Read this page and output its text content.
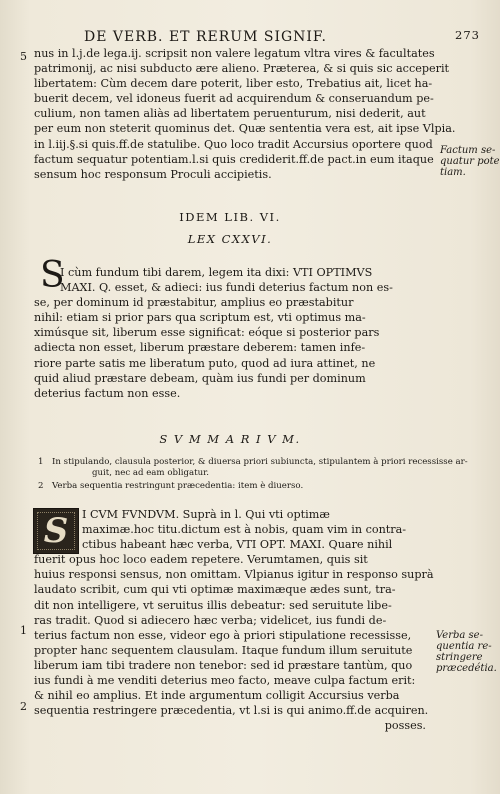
DE VERB. ET RERUM SIGNIF.	273
5 nus in l.j.de lega.ij. scripsit non valere legatum vltra vires & facultates
patrimonij, ac nisi subducto ære alieno. Præterea, & si quis sic acceperit
libertatem: Cùm decem dare poterit, liber esto, Trebatius ait, licet ha-
buerit decem, vel idoneus fuerit ad acquirendum & conseruandum pe-
culium, non tamen aliàs ad libertatem peruenturum, nisi dederit, aut
per eum non steterit quominus det. Quæ sententia vera est, ait ipse Vlpia.
in l.iij.§.si quis.ff.de statulibe. Quo loco tradit Accursius oportere quod
factum sequatur potentiam.l.si quis crediderit.ff.de pact.in eum itaque
sensum hoc responsum Proculi accipietis.
Factum se-
quatur pote
tiam.
IDEM LIB. VI.
LEX CXXVI.
S
I cùm fundum tibi darem, legem ita dixi: VTI OPTIMVS
MAXI. Q. esset, & adieci: ius fundi deterius factum non es-
se, per dominum id præstabitur, amplius eo præstabitur
nihil: etiam si prior pars qua scriptum est, vti optimus ma-
ximúsque sit, liberum esse significat: eóque si posterior pars
adiecta non esset, liberum præstare deberem: tamen infe-
riore parte satis me liberatum puto, quod ad iura attinet, ne
quid aliud præstare debeam, quàm ius fundi per dominum
deterius factum non esse.
S V M M A R I V M.
1 In stipulando, clausula posterior, & diuersa priori subiuncta, stipulantem à priori recessisse ar-
guit, nec ad eam obligatur.
2 Verba sequentia restringunt præcedentia: item è diuerso.
S	I CVM FVNDVM. Suprà in l. Qui vti optimæ
maximæ.hoc titu.dictum est à nobis, quam vim in contra-
ctibus habeant hæc verba, VTI OPT. MAXI. Quare nihil
fuerit opus hoc loco eadem repetere. Verumtamen, quis sit
huius responsi sensus, non omittam. Vlpianus igitur in responso suprà
laudato scribit, cum qui vti optimæ maximæque ædes sunt, tra-
dit non intelligere, vt seruitus illis debeatur: sed seruitute libe-
ras tradit. Quod si adiecero hæc verba; videlicet, ius fundi de-
terius factum non esse, videor ego à priori stipulatione recessisse,
propter hanc sequentem clausulam. Itaque fundum illum seruitute
liberum iam tibi tradere non tenebor: sed id præstare tantùm, quo
ius fundi à me venditi deterius meo facto, meave culpa factum erit:
& nihil eo amplius. Et inde argumentum colligit Accursius verba
sequentia restringere præcedentia, vt l.si is qui animo.ff.de acquiren.
posses.
1
2
Verba se-
quentia re-
stringere
præcedétia.
